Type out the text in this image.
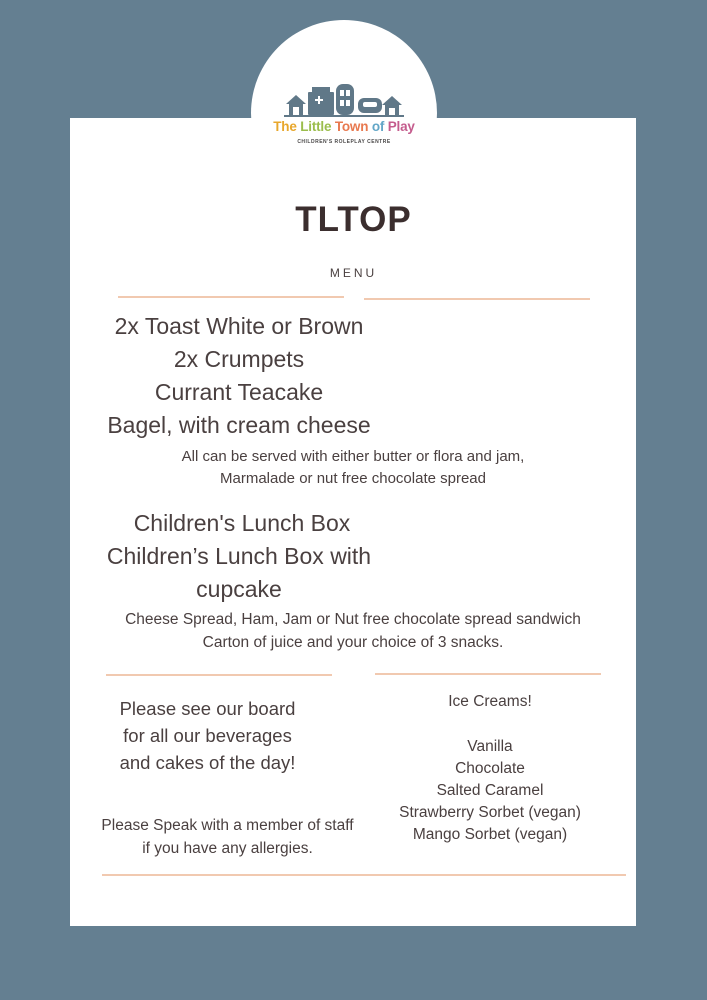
The Little Town of Play
CHILDREN'S ROLEPLAY CENTRE
TLTOP
MENU
2x Toast White or Brown
2x Crumpets
Currant Teacake
Bagel, with cream cheese
All can be served with either butter or flora and jam,
Marmalade or nut free chocolate spread
Children's Lunch Box
Children’s Lunch Box with
cupcake
Cheese Spread, Ham, Jam or Nut free chocolate spread sandwich
Carton of juice and your choice of 3 snacks.
Please see our board
for all our beverages
and cakes of the day!
Please Speak with a member of staff
if you have any allergies.
Ice Creams!
Vanilla
Chocolate
Salted Caramel
Strawberry Sorbet (vegan)
Mango Sorbet (vegan)
